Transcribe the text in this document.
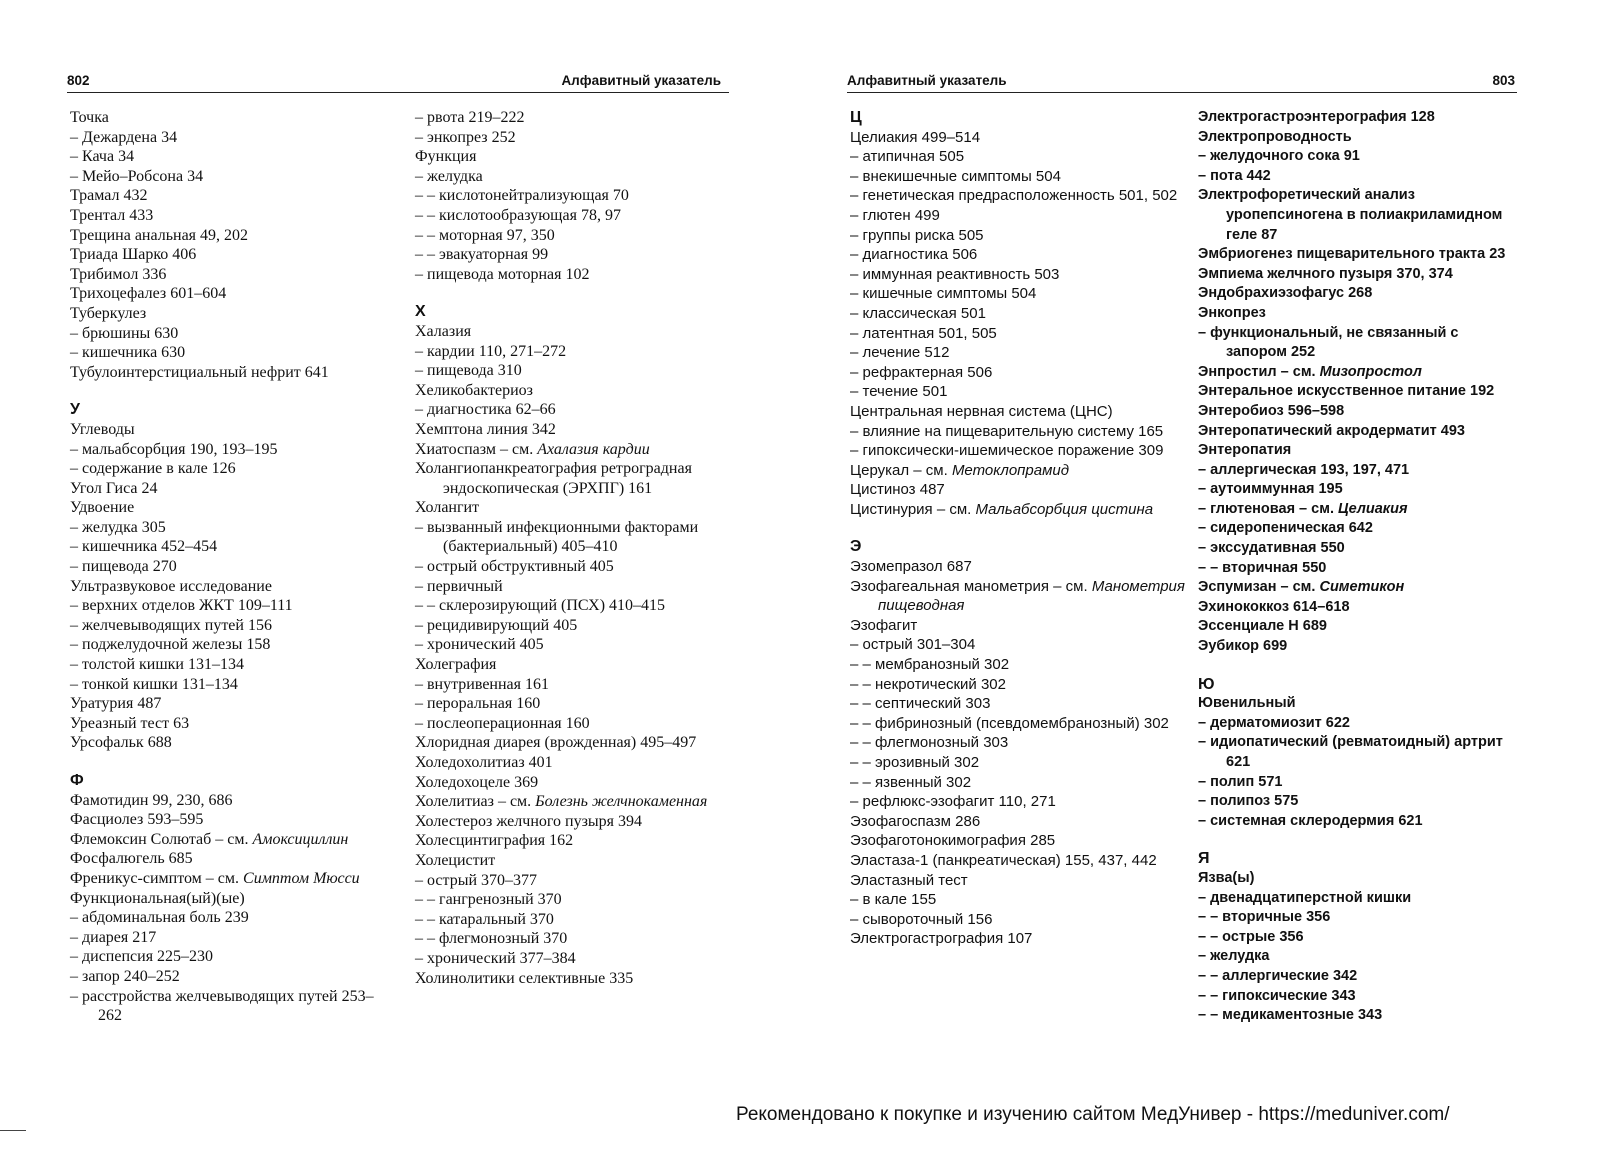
802	Алфавитный указатель
Точка
– Дежардена 34
– Кача 34
– Мейо–Робсона 34
Трамал 432
Трентал 433
Трещина анальная 49, 202
Триада Шарко 406
Трибимол 336
Трихоцефалез 601–604
Туберкулез
– брюшины 630
– кишечника 630
Тубулоинтерстициальный нефрит 641
У
Углеводы
– мальабсорбция 190, 193–195
– содержание в кале 126
Угол Гиса 24
Удвоение
– желудка 305
– кишечника 452–454
– пищевода 270
Ультразвуковое исследование
– верхних отделов ЖКТ 109–111
– желчевыводящих путей 156
– поджелудочной железы 158
– толстой кишки 131–134
– тонкой кишки 131–134
Уратурия 487
Уреазный тест 63
Урсофальк 688
Ф
Фамотидин 99, 230, 686
Фасциолез 593–595
Флемоксин Солютаб – см. Амоксициллин
Фосфалюгель 685
Френикус-симптом – см. Симптом Мюсси
Функциональная(ый)(ые)
– абдоминальная боль 239
– диарея 217
– диспепсия 225–230
– запор 240–252
– расстройства желчевыводящих путей 253–262
– рвота 219–222
– энкопрез 252
Функция
– желудка
– – кислотонейтрализующая 70
– – кислотообразующая 78, 97
– – моторная 97, 350
– – эвакуаторная 99
– пищевода моторная 102
Х
Халазия
– кардии 110, 271–272
– пищевода 310
Хеликобактериоз
– диагностика 62–66
Хемптона линия 342
Хиатоспазм – см. Ахалазия кардии
Холангиопанкреатография ретроградная эндоскопическая (ЭРХПГ) 161
Холангит
– вызванный инфекционными факторами (бактериальный) 405–410
– острый обструктивный 405
– первичный
– – склерозирующий (ПСХ) 410–415
– рецидивирующий 405
– хронический 405
Холеграфия
– внутривенная 161
– пероральная 160
– послеоперационная 160
Хлоридная диарея (врожденная) 495–497
Холедохолитиаз 401
Холедохоцеле 369
Холелитиаз – см. Болезнь желчнокаменная
Холестероз желчного пузыря 394
Холесцинтиграфия 162
Холецистит
– острый 370–377
– – гангренозный 370
– – катаральный 370
– – флегмонозный 370
– хронический 377–384
Холинолитики селективные 335
Алфавитный указатель	803
Ц
Целиакия 499–514
– атипичная 505
– внекишечные симптомы 504
– генетическая предрасположенность 501, 502
– глютен 499
– группы риска 505
– диагностика 506
– иммунная реактивность 503
– кишечные симптомы 504
– классическая 501
– латентная 501, 505
– лечение 512
– рефрактерная 506
– течение 501
Центральная нервная система (ЦНС)
– влияние на пищеварительную систему 165
– гипоксически-ишемическое поражение 309
Церукал – см. Метоклопрамид
Цистиноз 487
Цистинурия – см. Мальабсорбция цистина
Э
Эзомепразол 687
Эзофагеальная манометрия – см. Манометрия пищеводная
Эзофагит
– острый 301–304
– – мембранозный 302
– – некротический 302
– – септический 303
– – фибринозный (псевдомембранозный) 302
– – флегмонозный 303
– – эрозивный 302
– – язвенный 302
– рефлюкс-эзофагит 110, 271
Эзофагоспазм 286
Эзофаготонокимография 285
Эластаза-1 (панкреатическая) 155, 437, 442
Эластазный тест
– в кале 155
– сывороточный 156
Электрогастрография 107
Электрогастроэнтерография 128
Электропроводность
– желудочного сока 91
– пота 442
Электрофоретический анализ уропепсиногена в полиакриламидном геле 87
Эмбриогенез пищеварительного тракта 23
Эмпиема желчного пузыря 370, 374
Эндобрахиэзофагус 268
Энкопрез
– функциональный, не связанный с запором 252
Энпростил – см. Мизопростол
Энтеральное искусственное питание 192
Энтеробиоз 596–598
Энтеропатический акродерматит 493
Энтеропатия
– аллергическая 193, 197, 471
– аутоиммунная 195
– глютеновая – см. Целиакия
– сидеропеническая 642
– экссудативная 550
– – вторичная 550
Эспумизан – см. Симетикон
Эхинококкоз 614–618
Эссенциале Н 689
Эубикор 699
Ю
Ювенильный
– дерматомиозит 622
– идиопатический (ревматоидный) артрит 621
– полип 571
– полипоз 575
– системная склеродермия 621
Я
Язва(ы)
– двенадцатиперстной кишки
– – вторичные 356
– – острые 356
– желудка
– – аллергические 342
– – гипоксические 343
– – медикаментозные 343
Рекомендовано к покупке и изучению сайтом МедУнивер - https://meduniver.com/
